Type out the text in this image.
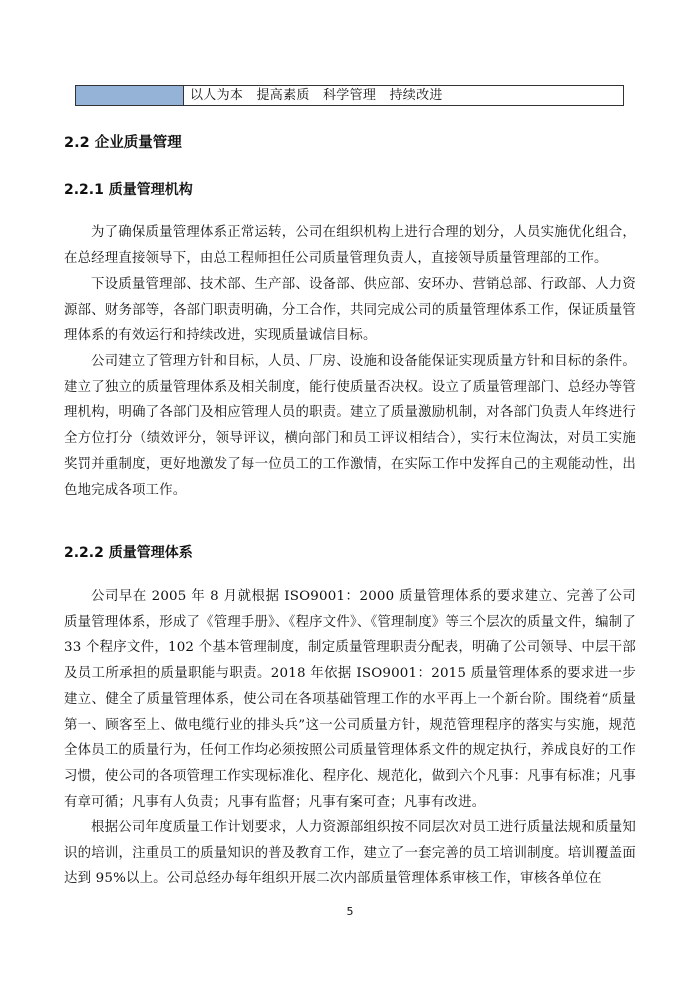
以人为本   提高素质   科学管理   持续改进
2.2 企业质量管理
2.2.1 质量管理机构
为了确保质量管理体系正常运转，公司在组织机构上进行合理的划分，人员实施优化组合，在总经理直接领导下，由总工程师担任公司质量管理负责人，直接领导质量管理部的工作。
下设质量管理部、技术部、生产部、设备部、供应部、安环办、营销总部、行政部、人力资源部、财务部等，各部门职责明确，分工合作，共同完成公司的质量管理体系工作，保证质量管理体系的有效运行和持续改进，实现质量诚信目标。
公司建立了管理方针和目标，人员、厂房、设施和设备能保证实现质量方针和目标的条件。建立了独立的质量管理体系及相关制度，能行使质量否决权。设立了质量管理部门、总经办等管理机构，明确了各部门及相应管理人员的职责。建立了质量激励机制，对各部门负责人年终进行全方位打分（绩效评分，领导评议，横向部门和员工评议相结合），实行末位淘汰，对员工实施奖罚并重制度，更好地激发了每一位员工的工作激情，在实际工作中发挥自己的主观能动性，出色地完成各项工作。
2.2.2 质量管理体系
公司早在 2005 年 8 月就根据 ISO9001：2000 质量管理体系的要求建立、完善了公司质量管理体系，形成了《管理手册》、《程序文件》、《管理制度》等三个层次的质量文件，编制了 33 个程序文件，102 个基本管理制度，制定质量管理职责分配表，明确了公司领导、中层干部及员工所承担的质量职能与职责。2018 年依据 ISO9001：2015 质量管理体系的要求进一步建立、健全了质量管理体系，使公司在各项基础管理工作的水平再上一个新台阶。围绕着“质量第一、顾客至上、做电缆行业的排头兵”这一公司质量方针，规范管理程序的落实与实施，规范全体员工的质量行为，任何工作均必须按照公司质量管理体系文件的规定执行，养成良好的工作习惯，使公司的各项管理工作实现标准化、程序化、规范化，做到六个凡事：凡事有标准；凡事有章可循；凡事有人负责；凡事有监督；凡事有案可查；凡事有改进。
根据公司年度质量工作计划要求，人力资源部组织按不同层次对员工进行质量法规和质量知识的培训，注重员工的质量知识的普及教育工作，建立了一套完善的员工培训制度。培训覆盖面达到 95%以上。公司总经办每年组织开展二次内部质量管理体系审核工作，审核各单位在
5
